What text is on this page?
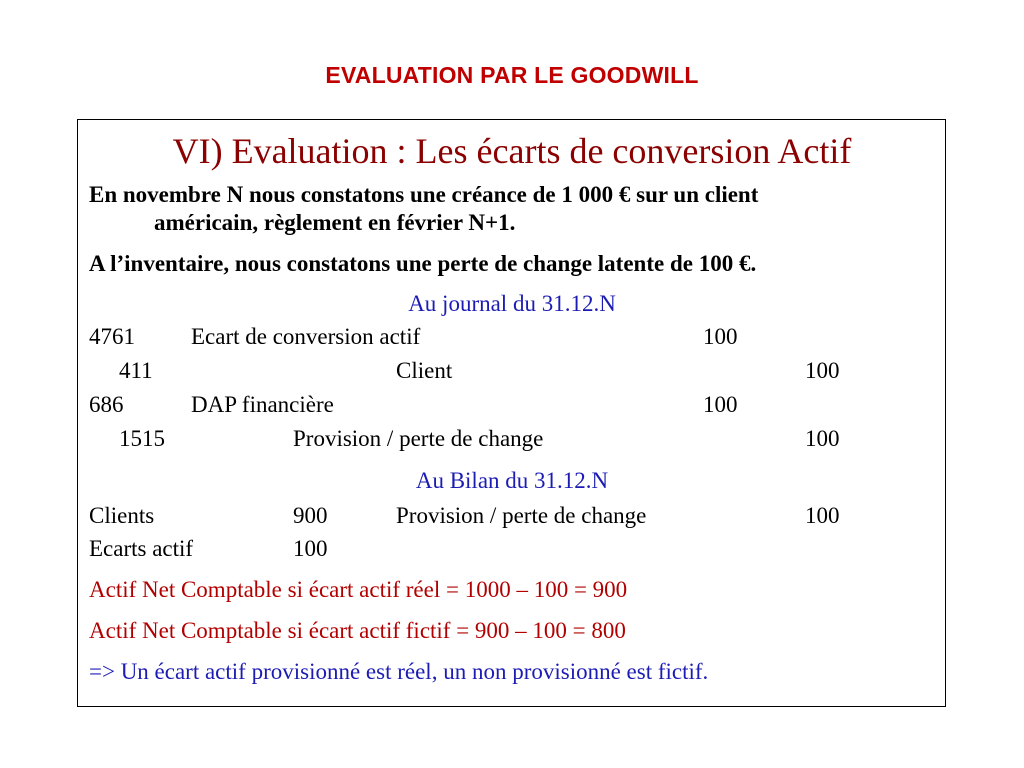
EVALUATION PAR LE GOODWILL
VI) Evaluation : Les écarts de conversion Actif
En novembre N nous constatons une créance de 1 000 € sur un client
américain, règlement en février N+1.
A l’inventaire, nous constatons une perte de change latente de 100 €.
Au journal du 31.12.N
4761 Ecart de conversion actif	100
411	Client	100
686	DAP financière	100
1515	Provision / perte de change	100
Au Bilan du 31.12.N
Clients	900	Provision / perte de change	100
Ecarts actif	100
Actif Net Comptable si écart actif réel = 1000 – 100 = 900
Actif Net Comptable si écart actif fictif = 900 – 100 = 800
=> Un écart actif provisionné est réel, un non provisionné est fictif.
